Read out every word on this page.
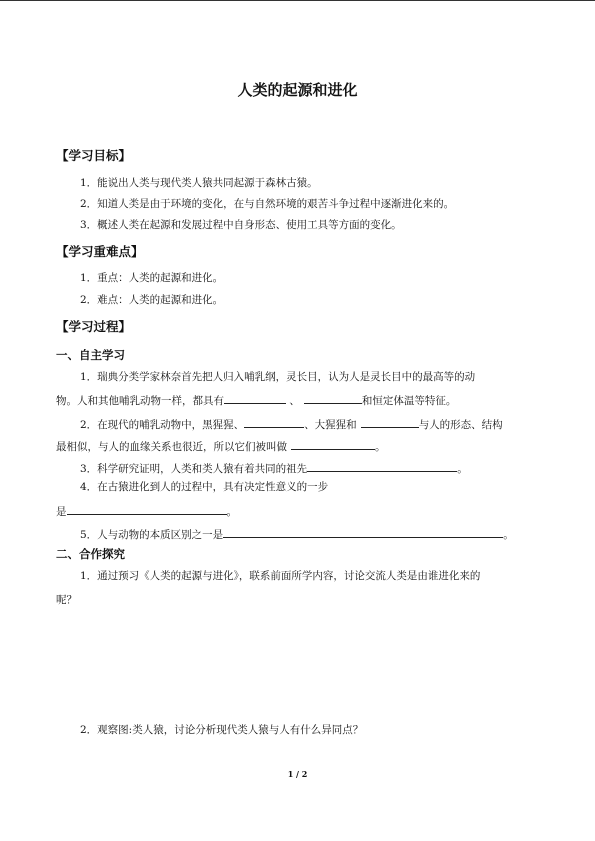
人类的起源和进化
【学习目标】
1．能说出人类与现代类人猿共同起源于森林古猿。
2．知道人类是由于环境的变化，在与自然环境的艰苦斗争过程中逐渐进化来的。
3．概述人类在起源和发展过程中自身形态、使用工具等方面的变化。
【学习重难点】
1．重点：人类的起源和进化。
2．难点：人类的起源和进化。
【学习过程】
一、自主学习
1．瑞典分类学家林奈首先把人归入哺乳纲，灵长目，认为人是灵长目中的最高等的动
物。人和其他哺乳动物一样，都具有	、	和恒定体温等特征。
2．在现代的哺乳动物中，黑猩猩、	、大猩猩和	与人的形态、结构
最相似，与人的血缘关系也很近，所以它们被叫做	。
3．科学研究证明，人类和类人猿有着共同的祖先	。
4．在古猿进化到人的过程中，具有决定性意义的一步
是	。
5．人与动物的本质区别之一是	。
二、合作探究
1．通过预习《人类的起源与进化》，联系前面所学内容，讨论交流人类是由谁进化来的
呢？
2．观察图:类人猿，讨论分析现代类人猿与人有什么异同点？
1 / 2
